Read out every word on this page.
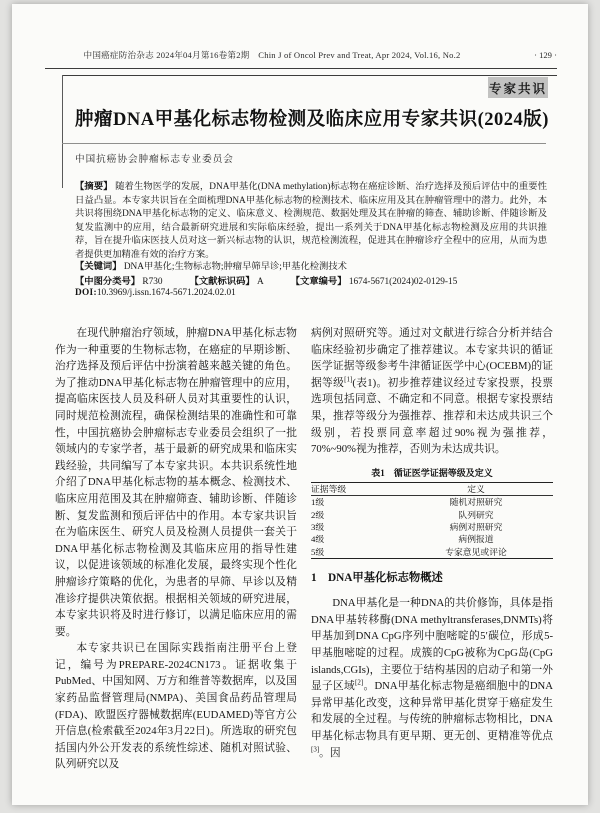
中国癌症防治杂志 2024年04月第16卷第2期　Chin J of Oncol Prev and Treat, Apr 2024, Vol.16, No.2	· 129 ·
专家共识
肿瘤DNA甲基化标志物检测及临床应用专家共识(2024版)
中国抗癌协会肿瘤标志专业委员会
【摘要】 随着生物医学的发展，DNA甲基化(DNA methylation)标志物在癌症诊断、治疗选择及预后评估中的重要性日益凸显。本专家共识旨在全面梳理DNA甲基化标志物的检测技术、临床应用及其在肿瘤管理中的潜力。此外，本共识将围绕DNA甲基化标志物的定义、临床意义、检测规范、数据处理及其在肿瘤的筛查、辅助诊断、伴随诊断及复发监测中的应用，结合最新研究进展和实际临床经验，提出一系列关于DNA甲基化标志物检测及应用的共识推荐，旨在提升临床医技人员对这一新兴标志物的认识，规范检测流程，促进其在肿瘤诊疗全程中的应用，从而为患者提供更加精准有效的治疗方案。
【关键词】 DNA甲基化;生物标志物;肿瘤早筛早诊;甲基化检测技术
【中图分类号】 R730	【文献标识码】 A	【文章编号】 1674-5671(2024)02-0129-15
DOI:10.3969/j.issn.1674-5671.2024.02.01

在现代肿瘤治疗领域，肿瘤DNA甲基化标志物作为一种重要的生物标志物，在癌症的早期诊断、治疗选择及预后评估中扮演着越来越关键的角色。为了推动DNA甲基化标志物在肿瘤管理中的应用，提高临床医技人员及科研人员对其重要性的认识，同时规范检测流程，确保检测结果的准确性和可靠性，中国抗癌协会肿瘤标志专业委员会组织了一批领域内的专家学者，基于最新的研究成果和临床实践经验，共同编写了本专家共识。本共识系统性地介绍了DNA甲基化标志物的基本概念、检测技术、临床应用范围及其在肿瘤筛查、辅助诊断、伴随诊断、复发监测和预后评估中的作用。本专家共识旨在为临床医生、研究人员及检测人员提供一套关于DNA甲基化标志物检测及其临床应用的指导性建议，以促进该领域的标准化发展，最终实现个性化肿瘤诊疗策略的优化，为患者的早筛、早诊以及精准诊疗提供决策依据。根据相关领域的研究进展，本专家共识将及时进行修订，以满足临床应用的需要。

本专家共识已在国际实践指南注册平台上登记，编号为PREPARE-2024CN173。证据收集于PubMed、中国知网、万方和维普等数据库，以及国家药品监督管理局(NMPA)、美国食品药品管理局(FDA)、欧盟医疗器械数据库(EUDAMED)等官方公开信息(检索截至2024年3月22日)。所选取的研究包括国内外公开发表的系统性综述、随机对照试验、队列研究以及

病例对照研究等。通过对文献进行综合分析并结合临床经验初步确定了推荐建议。本专家共识的循证医学证据等级参考牛津循证医学中心(OCEBM)的证据等级[1](表1)。初步推荐建议经过专家投票，投票选项包括同意、不确定和不同意。根据专家投票结果，推荐等级分为强推荐、推荐和未达成共识三个级别，若投票同意率超过90%视为强推荐，70%~90%视为推荐，否则为未达成共识。

表1　循证医学证据等级及定义
证据等级	定义
1级	随机对照研究
2级	队列研究
3级	病例对照研究
4级	病例报道
5级	专家意见或评论
1　DNA甲基化标志物概述

DNA甲基化是一种DNA的共价修饰，具体是指DNA甲基转移酶(DNA methyltransferases,DNMTs)将甲基加到DNA CpG序列中胞嘧啶的5′碳位，形成5-甲基胞嘧啶的过程。成簇的CpG被称为CpG岛(CpG islands,CGIs)，主要位于结构基因的启动子和第一外显子区域[2]。DNA甲基化标志物是癌细胞中的DNA异常甲基化改变，这种异常甲基化贯穿于癌症发生和发展的全过程。与传统的肿瘤标志物相比，DNA甲基化标志物具有更早期、更无创、更精准等优点[3]。因
